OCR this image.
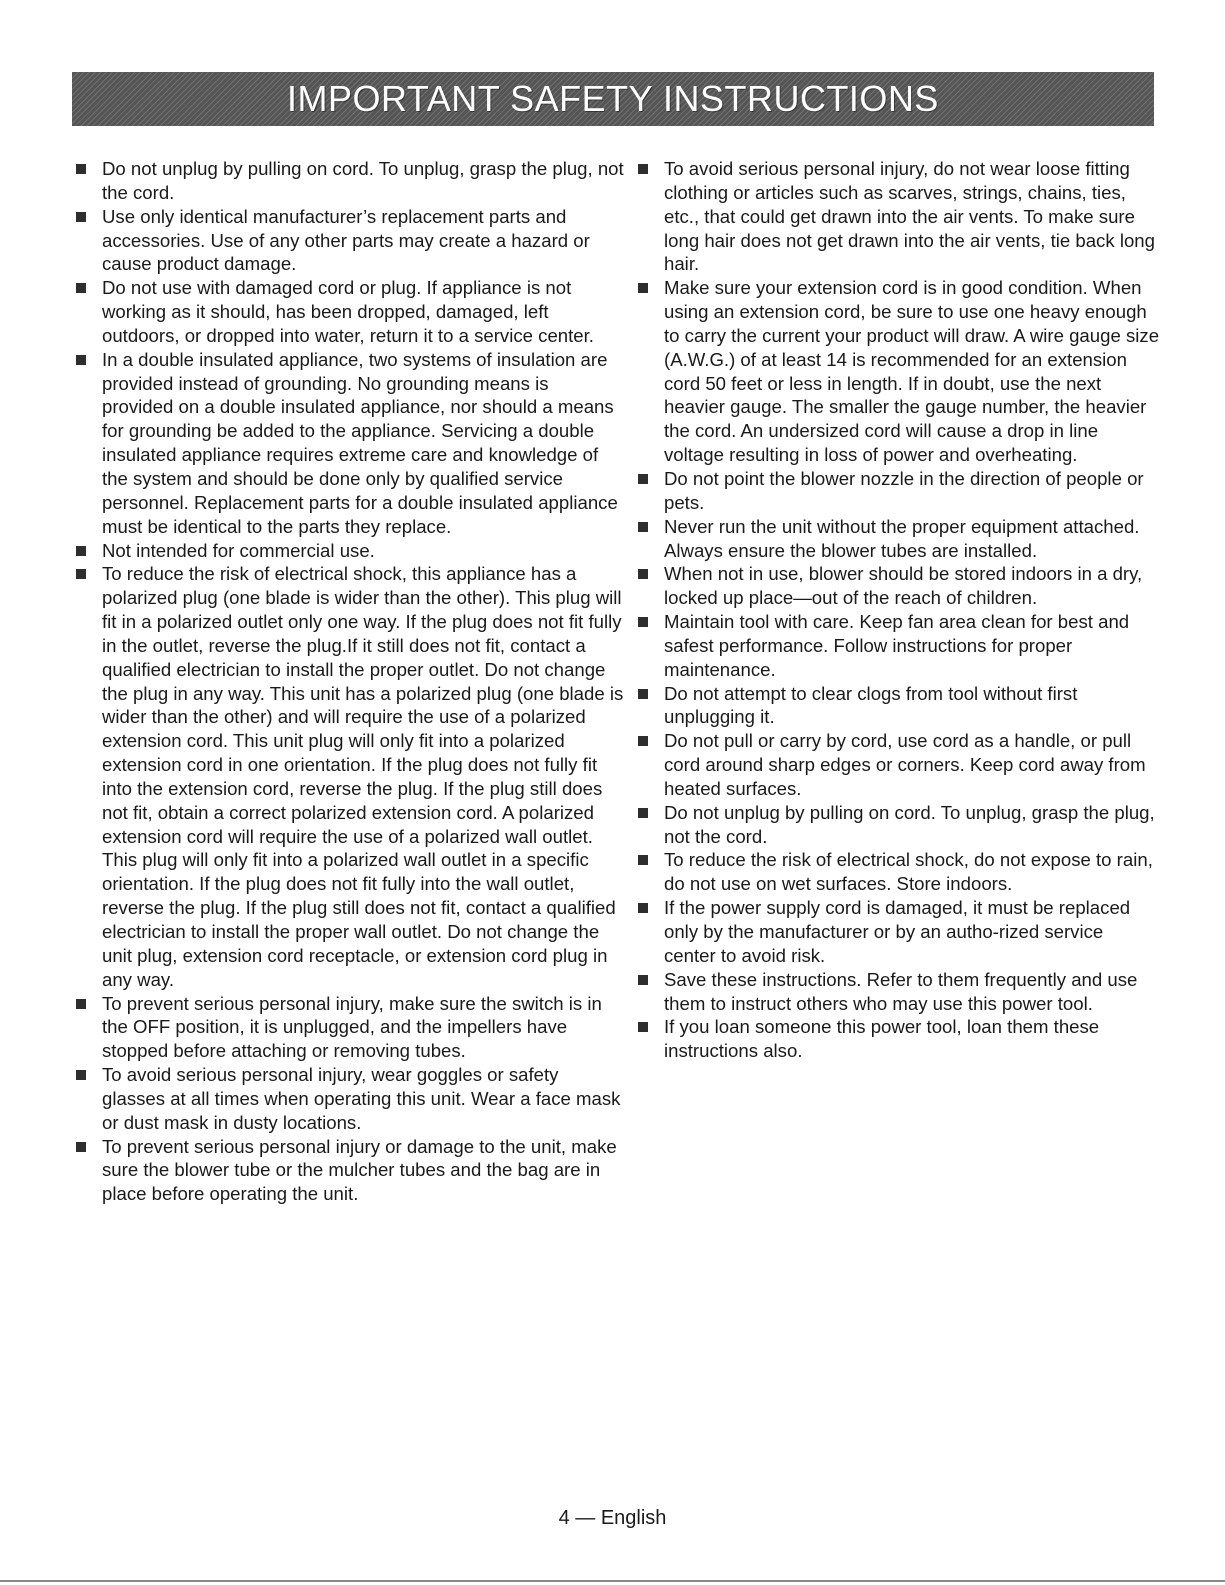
IMPORTANT SAFETY INSTRUCTIONS

Do not unplug by pulling on cord. To unplug, grasp the plug, not the cord.

Use only identical manufacturer’s replacement parts and accessories. Use of any other parts may create a hazard or cause product damage.

Do not use with damaged cord or plug. If appliance is not working as it should, has been dropped, damaged, left outdoors, or dropped into water, return it to a service center.

In a double insulated appliance, two systems of insulation are provided instead of grounding. No grounding means is provided on a double insulated appliance, nor should a means for grounding be added to the appliance. Servicing a double insulated appliance requires extreme care and knowledge of the system and should be done only by qualified service personnel. Replacement parts for a double insulated appliance must be identical to the parts they replace.

Not intended for commercial use.

To reduce the risk of electrical shock, this appliance has a polarized plug (one blade is wider than the other). This plug will fit in a polarized outlet only one way. If the plug does not fit fully in the outlet, reverse the plug.If it still does not fit, contact a qualified electrician to install the proper outlet. Do not change the plug in any way. This unit has a polarized plug (one blade is wider than the other) and will require the use of a polarized extension cord. This unit plug will only fit into a polarized extension cord in one orientation. If the plug does not fully fit into the extension cord, reverse the plug. If the plug still does not fit, obtain a correct polarized extension cord. A polarized extension cord will require the use of a polarized wall outlet. This plug will only fit into a polarized wall outlet in a specific orientation. If the plug does not fit fully into the wall outlet, reverse the plug. If the plug still does not fit, contact a qualified electrician to install the proper wall outlet. Do not change the unit plug, extension cord receptacle, or extension cord plug in any way.

To prevent serious personal injury, make sure the switch is in the OFF position, it is unplugged, and the impellers have stopped before attaching or removing tubes.

To avoid serious personal injury, wear goggles or safety glasses at all times when operating this unit. Wear a face mask or dust mask in dusty locations.

To prevent serious personal injury or damage to the unit, make sure the blower tube or the mulcher tubes and the bag are in place before operating the unit.

To avoid serious personal injury, do not wear loose fitting clothing or articles such as scarves, strings, chains, ties, etc., that could get drawn into the air vents. To make sure long hair does not get drawn into the air vents, tie back long hair.

Make sure your extension cord is in good condition. When using an extension cord, be sure to use one heavy enough to carry the current your product will draw. A wire gauge size (A.W.G.) of at least 14 is recommended for an extension cord 50 feet or less in length. If in doubt, use the next heavier gauge. The smaller the gauge number, the heavier the cord. An undersized cord will cause a drop in line voltage resulting in loss of power and overheating.

Do not point the blower nozzle in the direction of people or pets.

Never run the unit without the proper equipment attached. Always ensure the blower tubes are installed.

When not in use, blower should be stored indoors in a dry, locked up place—out of the reach of children.

Maintain tool with care. Keep fan area clean for best and safest performance. Follow instructions for proper maintenance.

Do not attempt to clear clogs from tool without first unplugging it.

Do not pull or carry by cord, use cord as a handle, or pull cord around sharp edges or corners. Keep cord away from heated surfaces.

Do not unplug by pulling on cord. To unplug, grasp the plug, not the cord.

To reduce the risk of electrical shock, do not expose to rain, do not use on wet surfaces. Store indoors.

If the power supply cord is damaged, it must be replaced only by the manufacturer or by an autho-rized service center to avoid risk.

Save these instructions. Refer to them frequently and use them to instruct others who may use this power tool.

If you loan someone this power tool, loan them these instructions also.

4 — English
